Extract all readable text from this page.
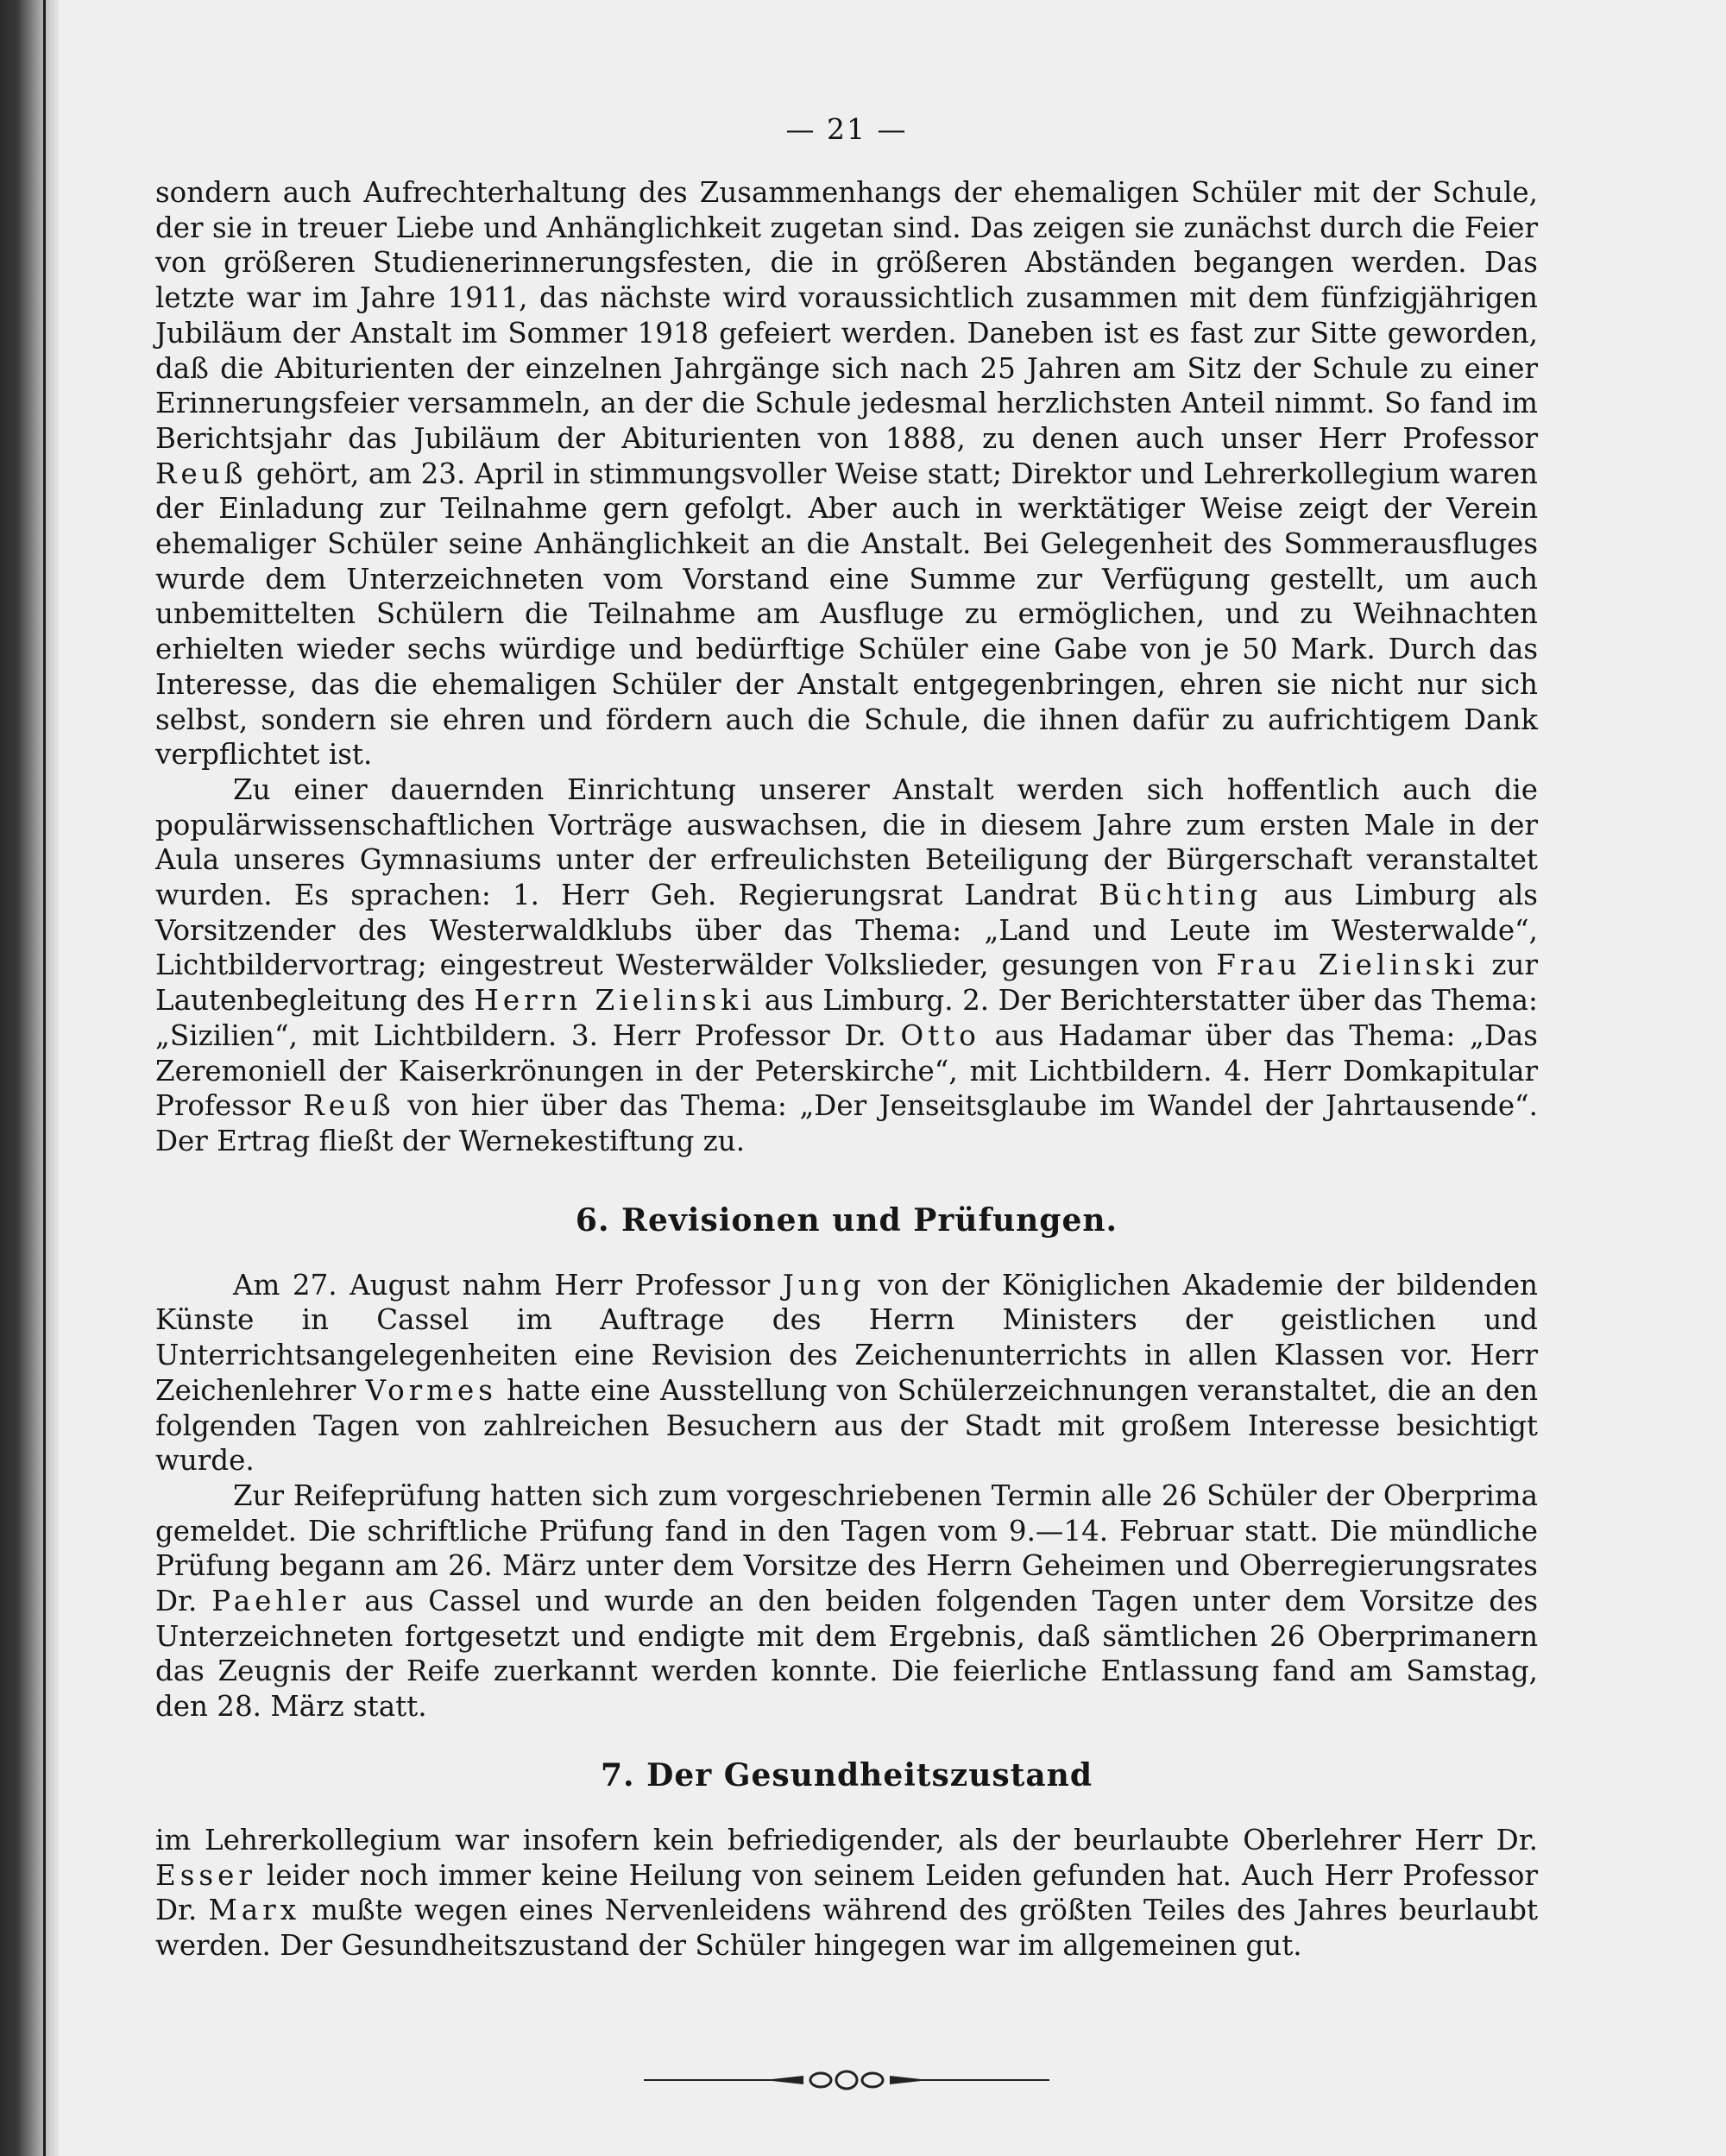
— 21 —

sondern auch Aufrechterhaltung des Zusammenhangs der ehemaligen Schüler mit der Schule, der sie in treuer Liebe und Anhänglichkeit zugetan sind. Das zeigen sie zunächst durch die Feier von größeren Studienerinnerungsfesten, die in größeren Abständen begangen werden. Das letzte war im Jahre 1911, das nächste wird voraussichtlich zusammen mit dem fünfzigjährigen Jubiläum der Anstalt im Sommer 1918 gefeiert werden. Daneben ist es fast zur Sitte geworden, daß die Abiturienten der einzelnen Jahrgänge sich nach 25 Jahren am Sitz der Schule zu einer Erinnerungsfeier versammeln, an der die Schule jedesmal herzlichsten Anteil nimmt. So fand im Berichtsjahr das Jubiläum der Abiturienten von 1888, zu denen auch unser Herr Professor Reuß gehört, am 23. April in stimmungsvoller Weise statt; Direktor und Lehrerkollegium waren der Einladung zur Teilnahme gern gefolgt. Aber auch in werktätiger Weise zeigt der Verein ehemaliger Schüler seine Anhänglichkeit an die Anstalt. Bei Gelegenheit des Sommerausfluges wurde dem Unterzeichneten vom Vorstand eine Summe zur Verfügung gestellt, um auch unbemittelten Schülern die Teilnahme am Ausfluge zu ermöglichen, und zu Weihnachten erhielten wieder sechs würdige und bedürftige Schüler eine Gabe von je 50 Mark. Durch das Interesse, das die ehemaligen Schüler der Anstalt entgegenbringen, ehren sie nicht nur sich selbst, sondern sie ehren und fördern auch die Schule, die ihnen dafür zu aufrichtigem Dank verpflichtet ist.

Zu einer dauernden Einrichtung unserer Anstalt werden sich hoffentlich auch die populärwissenschaftlichen Vorträge auswachsen, die in diesem Jahre zum ersten Male in der Aula unseres Gymnasiums unter der erfreulichsten Beteiligung der Bürgerschaft veranstaltet wurden. Es sprachen: 1. Herr Geh. Regierungsrat Landrat Büchting aus Limburg als Vorsitzender des Westerwaldklubs über das Thema: „Land und Leute im Westerwalde“, Lichtbildervortrag; eingestreut Westerwälder Volkslieder, gesungen von Frau Zielinski zur Lautenbegleitung des Herrn Zielinski aus Limburg. 2. Der Berichterstatter über das Thema: „Sizilien“, mit Lichtbildern. 3. Herr Professor Dr. Otto aus Hadamar über das Thema: „Das Zeremoniell der Kaiserkrönungen in der Peterskirche“, mit Lichtbildern. 4. Herr Domkapitular Professor Reuß von hier über das Thema: „Der Jenseitsglaube im Wandel der Jahrtausende“. Der Ertrag fließt der Wernekestiftung zu.

6. Revisionen und Prüfungen.

Am 27. August nahm Herr Professor Jung von der Königlichen Akademie der bildenden Künste in Cassel im Auftrage des Herrn Ministers der geistlichen und Unterrichtsangelegenheiten eine Revision des Zeichenunterrichts in allen Klassen vor. Herr Zeichenlehrer Vormes hatte eine Ausstellung von Schülerzeichnungen veranstaltet, die an den folgenden Tagen von zahlreichen Besuchern aus der Stadt mit großem Interesse besichtigt wurde.

Zur Reifeprüfung hatten sich zum vorgeschriebenen Termin alle 26 Schüler der Oberprima gemeldet. Die schriftliche Prüfung fand in den Tagen vom 9.—14. Februar statt. Die mündliche Prüfung begann am 26. März unter dem Vorsitze des Herrn Geheimen und Oberregierungsrates Dr. Paehler aus Cassel und wurde an den beiden folgenden Tagen unter dem Vorsitze des Unterzeichneten fortgesetzt und endigte mit dem Ergebnis, daß sämtlichen 26 Oberprimanern das Zeugnis der Reife zuerkannt werden konnte. Die feierliche Entlassung fand am Samstag, den 28. März statt.

7. Der Gesundheitszustand

im Lehrerkollegium war insofern kein befriedigender, als der beurlaubte Oberlehrer Herr Dr. Esser leider noch immer keine Heilung von seinem Leiden gefunden hat. Auch Herr Professor Dr. Marx mußte wegen eines Nervenleidens während des größten Teiles des Jahres beurlaubt werden. Der Gesundheitszustand der Schüler hingegen war im allgemeinen gut.
